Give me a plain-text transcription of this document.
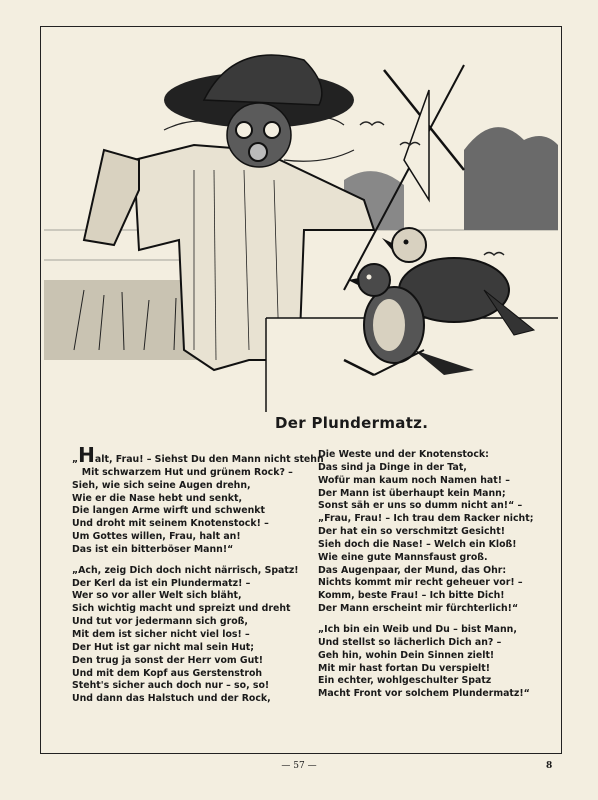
Der Plundermatz.
„Halt, Frau! – Siehst Du den Mann nicht stehn
Mit schwarzem Hut und grünem Rock? –
Sieh, wie sich seine Augen drehn,
Wie er die Nase hebt und senkt,
Die langen Arme wirft und schwenkt
Und droht mit seinem Knotenstock! –
Um Gottes willen, Frau, halt an!
Das ist ein bitterböser Mann!“
„Ach, zeig Dich doch nicht närrisch, Spatz!
Der Kerl da ist ein Plundermatz! –
Wer so vor aller Welt sich bläht,
Sich wichtig macht und spreizt und dreht
Und tut vor jedermann sich groß,
Mit dem ist sicher nicht viel los! –
Der Hut ist gar nicht mal sein Hut;
Den trug ja sonst der Herr vom Gut!
Und mit dem Kopf aus Gerstenstroh
Steht's sicher auch doch nur – so, so!
Und dann das Halstuch und der Rock,
Die Weste und der Knotenstock:
Das sind ja Dinge in der Tat,
Wofür man kaum noch Namen hat! –
Der Mann ist überhaupt kein Mann;
Sonst säh er uns so dumm nicht an!“ –
„Frau, Frau! – Ich trau dem Racker nicht;
Der hat ein so verschmitzt Gesicht!
Sieh doch die Nase! – Welch ein Kloß!
Wie eine gute Mannsfaust groß.
Das Augenpaar, der Mund, das Ohr:
Nichts kommt mir recht geheuer vor! –
Komm, beste Frau! – Ich bitte Dich!
Der Mann erscheint mir fürchterlich!“
„Ich bin ein Weib und Du – bist Mann,
Und stellst so lächerlich Dich an? –
Geh hin, wohin Dein Sinnen zielt!
Mit mir hast fortan Du verspielt!
Ein echter, wohlgeschulter Spatz
Macht Front vor solchem Plundermatz!“
— 57 —	8
